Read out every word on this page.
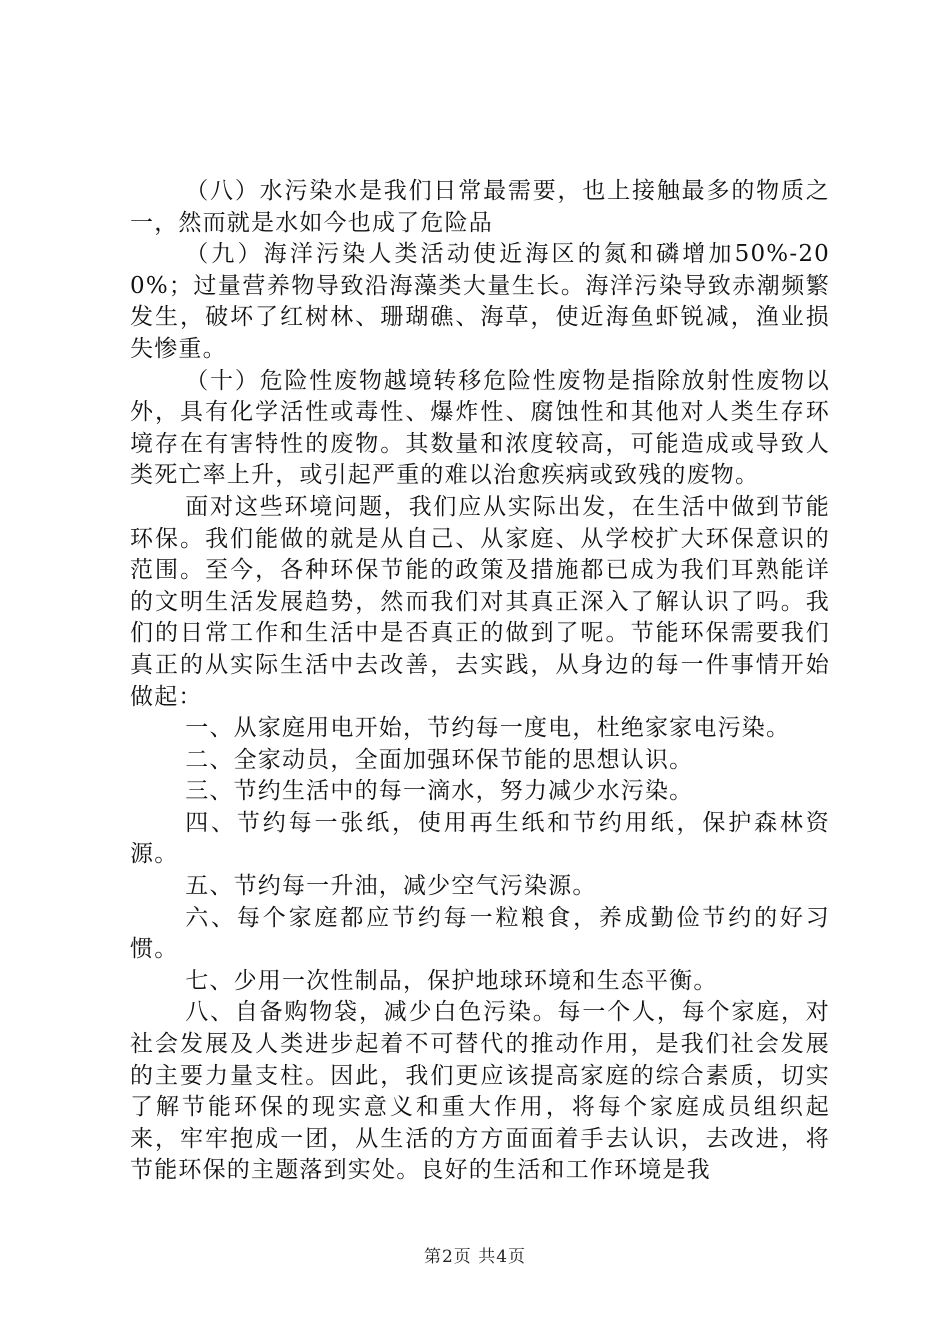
（八）水污染水是我们日常最需要，也上接触最多的物质之一，然而就是水如今也成了危险品

（九）海洋污染人类活动使近海区的氮和磷增加50%-200%；过量营养物导致沿海藻类大量生长。海洋污染导致赤潮频繁发生，破坏了红树林、珊瑚礁、海草，使近海鱼虾锐减，渔业损失惨重。

（十）危险性废物越境转移危险性废物是指除放射性废物以外，具有化学活性或毒性、爆炸性、腐蚀性和其他对人类生存环境存在有害特性的废物。其数量和浓度较高，可能造成或导致人类死亡率上升，或引起严重的难以治愈疾病或致残的废物。

面对这些环境问题，我们应从实际出发，在生活中做到节能环保。我们能做的就是从自己、从家庭、从学校扩大环保意识的范围。至今，各种环保节能的政策及措施都已成为我们耳熟能详的文明生活发展趋势，然而我们对其真正深入了解认识了吗。我们的日常工作和生活中是否真正的做到了呢。节能环保需要我们真正的从实际生活中去改善，去实践，从身边的每一件事情开始做起：

一、从家庭用电开始，节约每一度电，杜绝家家电污染。

二、全家动员，全面加强环保节能的思想认识。

三、节约生活中的每一滴水，努力减少水污染。

四、节约每一张纸，使用再生纸和节约用纸，保护森林资源。

五、节约每一升油，减少空气污染源。

六、每个家庭都应节约每一粒粮食，养成勤俭节约的好习惯。

七、少用一次性制品，保护地球环境和生态平衡。

八、自备购物袋，减少白色污染。每一个人，每个家庭，对社会发展及人类进步起着不可替代的推动作用，是我们社会发展的主要力量支柱。因此，我们更应该提高家庭的综合素质，切实了解节能环保的现实意义和重大作用，将每个家庭成员组织起来，牢牢抱成一团，从生活的方方面面着手去认识，去改进，将节能环保的主题落到实处。良好的生活和工作环境是我

第2页 共4页
